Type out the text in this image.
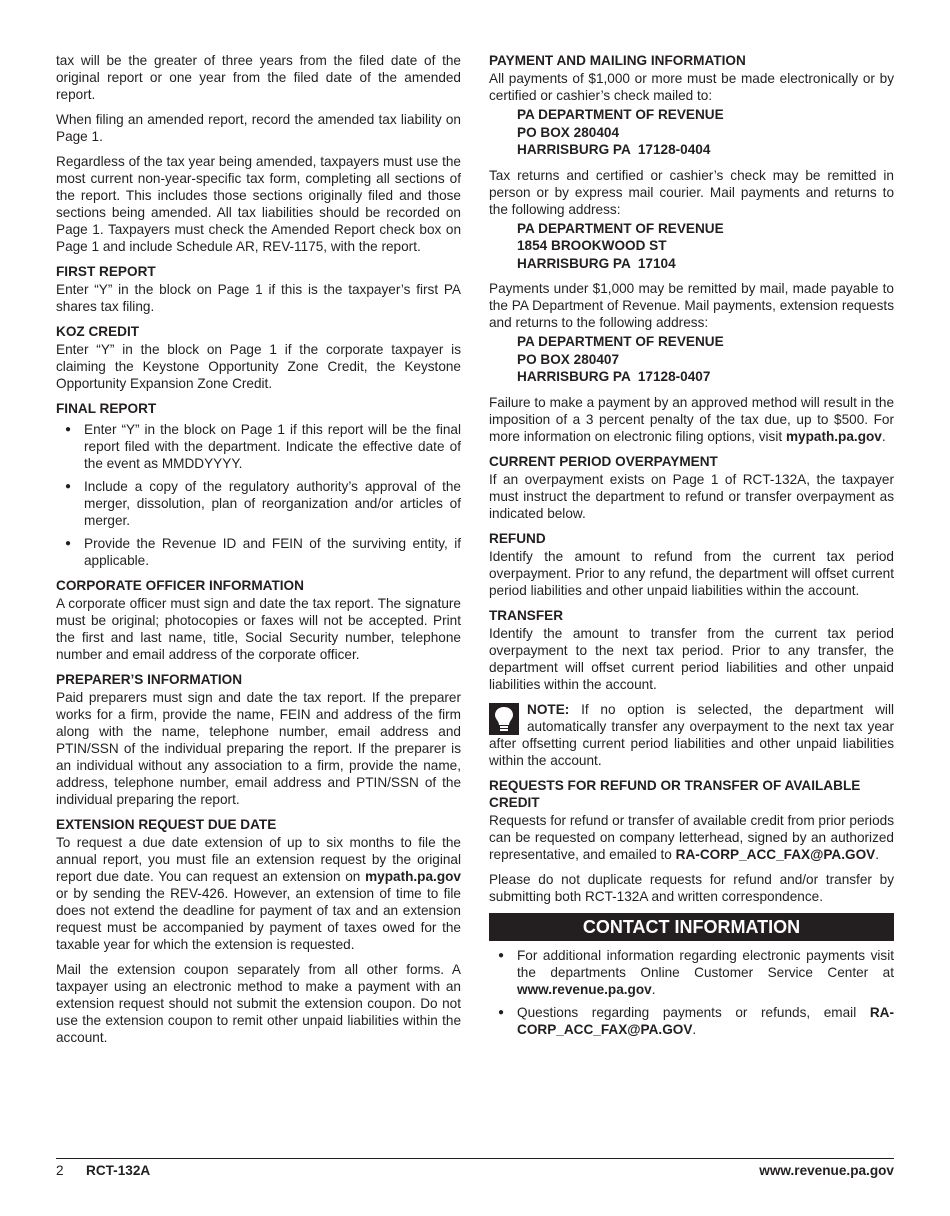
tax will be the greater of three years from the filed date of the original report or one year from the filed date of the amended report.

When filing an amended report, record the amended tax liability on Page 1.

Regardless of the tax year being amended, taxpayers must use the most current non-year-specific tax form, completing all sections of the report. This includes those sections originally filed and those sections being amended. All tax liabilities should be recorded on Page 1. Taxpayers must check the Amended Report check box on Page 1 and include Schedule AR, REV-1175, with the report.

FIRST REPORT

Enter “Y” in the block on Page 1 if this is the taxpayer’s first PA shares tax filing.

KOZ CREDIT

Enter “Y” in the block on Page 1 if the corporate taxpayer is claiming the Keystone Opportunity Zone Credit, the Keystone Opportunity Expansion Zone Credit.

FINAL REPORT
● Enter “Y” in the block on Page 1 if this report will be the final report filed with the department. Indicate the effective date of the event as MMDDYYYY.
● Include a copy of the regulatory authority’s approval of the merger, dissolution, plan of reorganization and/or articles of merger.
● Provide the Revenue ID and FEIN of the surviving entity, if applicable.
CORPORATE OFFICER INFORMATION

A corporate officer must sign and date the tax report. The signature must be original; photocopies or faxes will not be accepted. Print the first and last name, title, Social Security number, telephone number and email address of the corporate officer.

PREPARER’S INFORMATION

Paid preparers must sign and date the tax report. If the preparer works for a firm, provide the name, FEIN and address of the firm along with the name, telephone number, email address and PTIN/SSN of the individual preparing the report. If the preparer is an individual without any association to a firm, provide the name, address, telephone number, email address and PTIN/SSN of the individual preparing the report.

EXTENSION REQUEST DUE DATE

To request a due date extension of up to six months to file the annual report, you must file an extension request by the original report due date. You can request an extension on mypath.pa.gov or by sending the REV-426. However, an extension of time to file does not extend the deadline for payment of tax and an extension request must be accompanied by payment of taxes owed for the taxable year for which the extension is requested.

Mail the extension coupon separately from all other forms. A taxpayer using an electronic method to make a payment with an extension request should not submit the extension coupon. Do not use the extension coupon to remit other unpaid liabilities within the account.

PAYMENT AND MAILING INFORMATION

All payments of $1,000 or more must be made electronically or by certified or cashier’s check mailed to:

PA DEPARTMENT OF REVENUE
PO BOX 280404
HARRISBURG PA  17128-0404

Tax returns and certified or cashier’s check may be remitted in person or by express mail courier. Mail payments and returns to the following address:

PA DEPARTMENT OF REVENUE
1854 BROOKWOOD ST
HARRISBURG PA  17104

Payments under $1,000 may be remitted by mail, made payable to the PA Department of Revenue. Mail payments, extension requests and returns to the following address:

PA DEPARTMENT OF REVENUE
PO BOX 280407
HARRISBURG PA  17128-0407

Failure to make a payment by an approved method will result in the imposition of a 3 percent penalty of the tax due, up to $500. For more information on electronic filing options, visit mypath.pa.gov.

CURRENT PERIOD OVERPAYMENT

If an overpayment exists on Page 1 of RCT-132A, the taxpayer must instruct the department to refund or transfer overpayment as indicated below.

REFUND

Identify the amount to refund from the current tax period overpayment. Prior to any refund, the department will offset current period liabilities and other unpaid liabilities within the account.

TRANSFER

Identify the amount to transfer from the current tax period overpayment to the next tax period. Prior to any transfer, the department will offset current period liabilities and other unpaid liabilities within the account.

NOTE: If no option is selected, the department will automatically transfer any overpayment to the next tax year after offsetting current period liabilities and other unpaid liabilities within the account.

REQUESTS FOR REFUND OR TRANSFER OF AVAILABLE CREDIT

Requests for refund or transfer of available credit from prior periods can be requested on company letterhead, signed by an authorized representative, and emailed to RA-CORP_ACC_FAX@PA.GOV.

Please do not duplicate requests for refund and/or transfer by submitting both RCT-132A and written correspondence.

CONTACT INFORMATION
● For additional information regarding electronic payments visit the departments Online Customer Service Center at www.revenue.pa.gov.
● Questions regarding payments or refunds, email RA-CORP_ACC_FAX@PA.GOV.
2 RCT-132A	www.revenue.pa.gov
